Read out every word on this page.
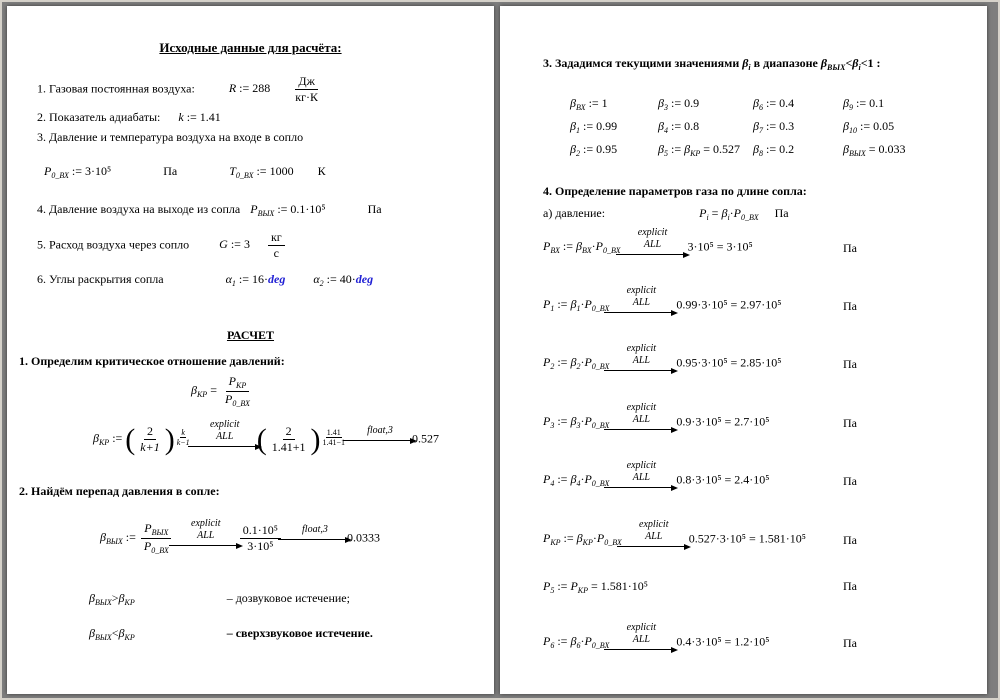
Исходные данные для расчёта:
1. Газовая постоянная воздуха:	R := $288 \frac{Дж}{кг\cdot К}$
2. Показатель адиабаты: k := 1.41
3. Давление и температура воздуха на входе в сопло
$P_{0\_ВХ}$ := 3·10⁵	Па	$T_{0\_ВХ}$ := 1000 К
4. Давление воздуха на выходе из сопла $P_{ВЫХ}$ := 0.1·10⁵	Па
5. Расход воздуха через сопло	G := $3 \frac{кг}{с}$
6. Углы раскрытия сопла	$\alpha_1$ := 16·deg $\alpha_2$ := 40·deg
РАСЧЕТ
1. Определим критическое отношение давлений:
$\beta_{КР} = \frac{P_{КР}}{P_{0\_ВХ}}$
$\beta_{КР}$ := ( $\frac{2}{k+1}$ ) $\frac{k}{k-1}$
explicit
ALL ( $\frac{2}{1.41+1}$ ) $\frac{1.41}{1.41-1}$ float,3
0.527
2. Найдём перепад давления в сопле:
$\beta_{ВЫХ}$ := $\frac{P_{ВЫХ}}{P_{0\_ВХ}}$ explicit
ALL $\frac{\text{0.1·10⁵}}{\text{3·10⁵}}$ float,3
0.0333
$\beta_{ВЫХ}>\beta_{КР}$	– дозвуковое истечение;
$\beta_{ВЫХ}<\beta_{КР}$	– сверхзвуковое истечение.
3. Зададимся текущими значениями $\beta_i$ в диапазоне $\beta_{ВЫХ}<\beta_i<1$ :
$\beta_{ВХ}$ := 1	$\beta_3$ := 0.9	$\beta_6$ := 0.4	$\beta_9$ := 0.1
$\beta_1$ := 0.99	$\beta_4$ := 0.8	$\beta_7$ := 0.3	$\beta_{10}$ := 0.05
$\beta_2$ := 0.95	$\beta_5$ := $\beta_{КР} = 0.527$ $\beta_8$ := 0.2	$\beta_{ВЫХ} = 0.033$
4. Определение параметров газа по длине сопла:
а) давление:	$P_i = \beta_i\cdot P_{0\_ВХ}$ Па
$P_{ВХ}$ := $\beta_{ВХ}\cdot P_{0\_ВХ}$
explicit
ALL 3·10⁵ = 3·10⁵	Па
$P_1$ := $\beta_1\cdot P_{0\_ВХ}$
explicit
ALL 0.99·3·10⁵ = 2.97·10⁵	Па
$P_2$ := $\beta_2\cdot P_{0\_ВХ}$
explicit
ALL 0.95·3·10⁵ = 2.85·10⁵	Па
$P_3$ := $\beta_3\cdot P_{0\_ВХ}$
explicit
ALL 0.9·3·10⁵ = 2.7·10⁵	Па
$P_4$ := $\beta_4\cdot P_{0\_ВХ}$
explicit
ALL 0.8·3·10⁵ = 2.4·10⁵	Па
$P_{КР}$ := $\beta_{КР}\cdot P_{0\_ВХ}$
explicit
ALL 0.527·3·10⁵ = 1.581·10⁵	Па
$P_5$ := $P_{КР} = 1.581\cdot 10^5$	Па
$P_6$ := $\beta_6\cdot P_{0\_ВХ}$
explicit
ALL 0.4·3·10⁵ = 1.2·10⁵	Па
